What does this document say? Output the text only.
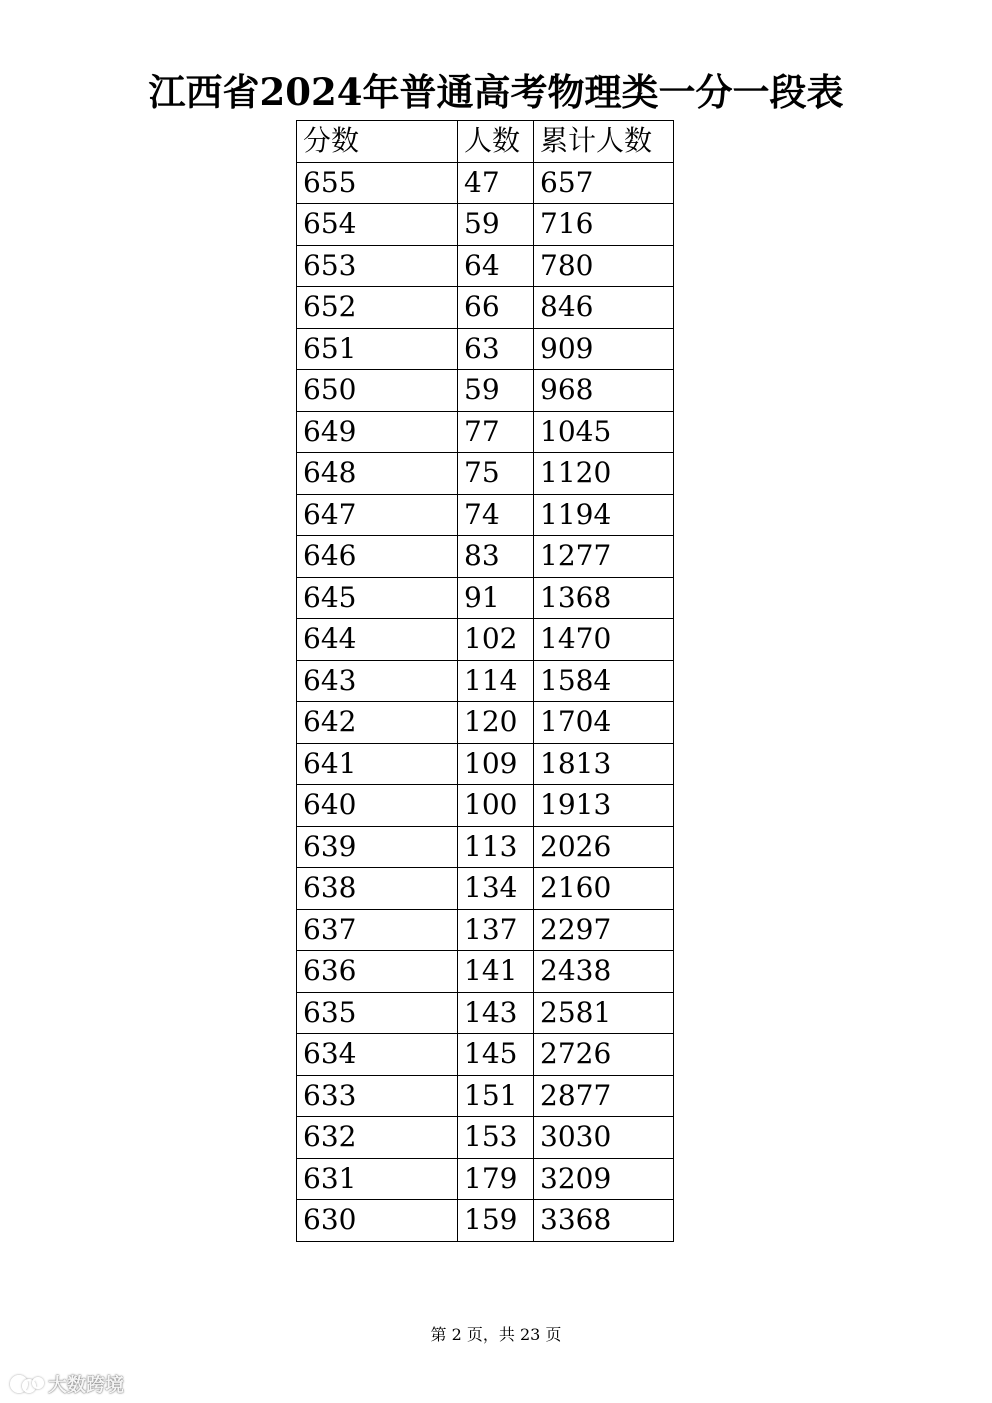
江西省2024年普通高考物理类一分一段表
分数	人数	累计人数
655	47	657
654	59	716
653	64	780
652	66	846
651	63	909
650	59	968
649	77	1045
648	75	1120
647	74	1194
646	83	1277
645	91	1368
644	102	1470
643	114	1584
642	120	1704
641	109	1813
640	100	1913
639	113	2026
638	134	2160
637	137	2297
636	141	2438
635	143	2581
634	145	2726
633	151	2877
632	153	3030
631	179	3209
630	159	3368
第 2 页，共 23 页
大数跨境
